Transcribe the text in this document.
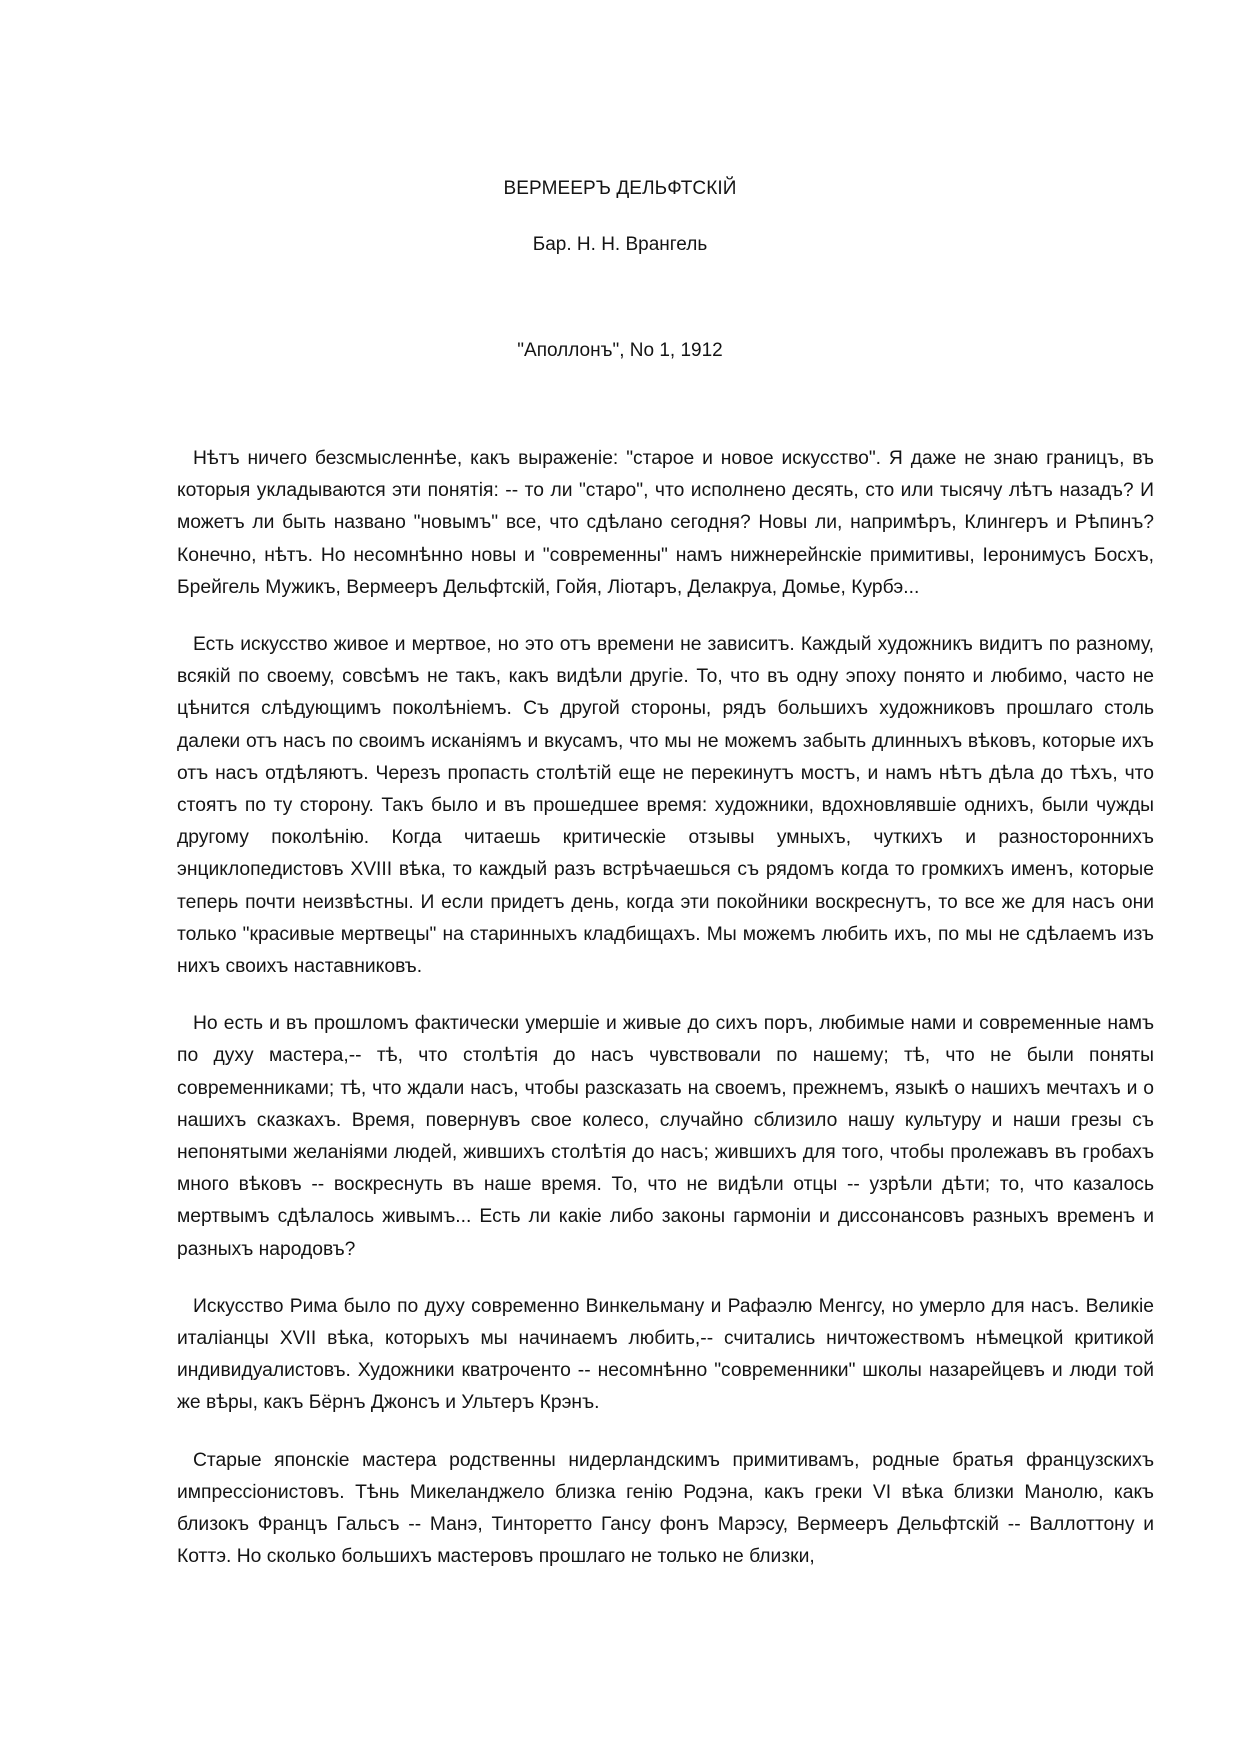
ВЕРМЕЕРЪ ДЕЛЬФТСКІЙ
Бар. Н. Н. Врангель
"Аполлонъ", No 1, 1912

Нѣтъ ничего безсмысленнѣе, какъ выраженіе: "старое и новое искусство". Я даже не знаю границъ, въ которыя укладываются эти понятія: -- то ли "старо", что исполнено десять, сто или тысячу лѣтъ назадъ? И можетъ ли быть названо "новымъ" все, что сдѣлано сегодня? Новы ли, напримѣръ, Клингеръ и Рѣпинъ? Конечно, нѣтъ. Но несомнѣнно новы и "современны" намъ нижнерейнскіе примитивы, Іеронимусъ Босхъ, Брейгель Мужикъ, Вермееръ Дельфтскій, Гойя, Ліотаръ, Делакруа, Домье, Курбэ...

Есть искусство живое и мертвое, но это отъ времени не зависитъ. Каждый художникъ видитъ по разному, всякій по своему, совсѣмъ не такъ, какъ видѣли другіе. То, что въ одну эпоху понято и любимо, часто не цѣнится слѣдующимъ поколѣніемъ. Съ другой стороны, рядъ большихъ художниковъ прошлаго столь далеки отъ насъ по своимъ исканіямъ и вкусамъ, что мы не можемъ забыть длинныхъ вѣковъ, которые ихъ отъ насъ отдѣляютъ. Черезъ пропасть столѣтій еще не перекинутъ мостъ, и намъ нѣтъ дѣла до тѣхъ, что стоятъ по ту сторону. Такъ было и въ прошедшее время: художники, вдохновлявшіе однихъ, были чужды другому поколѣнію. Когда читаешь критическіе отзывы умныхъ, чуткихъ и разностороннихъ энциклопедистовъ XVIII вѣка, то каждый разъ встрѣчаешься съ рядомъ когда то громкихъ именъ, которые теперь почти неизвѣстны. И если придетъ день, когда эти покойники воскреснутъ, то все же для насъ они только "красивые мертвецы" на старинныхъ кладбищахъ. Мы можемъ любить ихъ, по мы не сдѣлаемъ изъ нихъ своихъ наставниковъ.

Но есть и въ прошломъ фактически умершіе и живые до сихъ поръ, любимые нами и современные намъ по духу мастера,-- тѣ, что столѣтія до насъ чувствовали по нашему; тѣ, что не были поняты современниками; тѣ, что ждали насъ, чтобы разсказать на своемъ, прежнемъ, языкѣ о нашихъ мечтахъ и о нашихъ сказкахъ. Время, повернувъ свое колесо, случайно сблизило нашу культуру и наши грезы съ непонятыми желаніями людей, жившихъ столѣтія до насъ; жившихъ для того, чтобы пролежавъ въ гробахъ много вѣковъ -- воскреснуть въ наше время. То, что не видѣли отцы -- узрѣли дѣти; то, что казалось мертвымъ сдѣлалось живымъ... Есть ли какіе либо законы гармоніи и диссонансовъ разныхъ временъ и разныхъ народовъ?

Искусство Рима было по духу современно Винкельману и Рафаэлю Менгсу, но умерло для насъ. Великіе италіанцы XVII вѣка, которыхъ мы начинаемъ любить,-- считались ничтожествомъ нѣмецкой критикой индивидуалистовъ. Художники кватроченто -- несомнѣнно "современники" школы назарейцевъ и люди той же вѣры, какъ Бёрнъ Джонсъ и Ультеръ Крэнъ.

Старые японскіе мастера родственны нидерландскимъ примитивамъ, родные братья французскихъ импрессіонистовъ. Тѣнь Микеланджело близка генію Родэна, какъ греки VI вѣка близки Манолю, какъ близокъ Францъ Гальсъ -- Манэ, Тинторетто Гансу фонъ Марэсу, Вермееръ Дельфтскій -- Валлоттону и Коттэ. Но сколько большихъ мастеровъ прошлаго не только не близки,
